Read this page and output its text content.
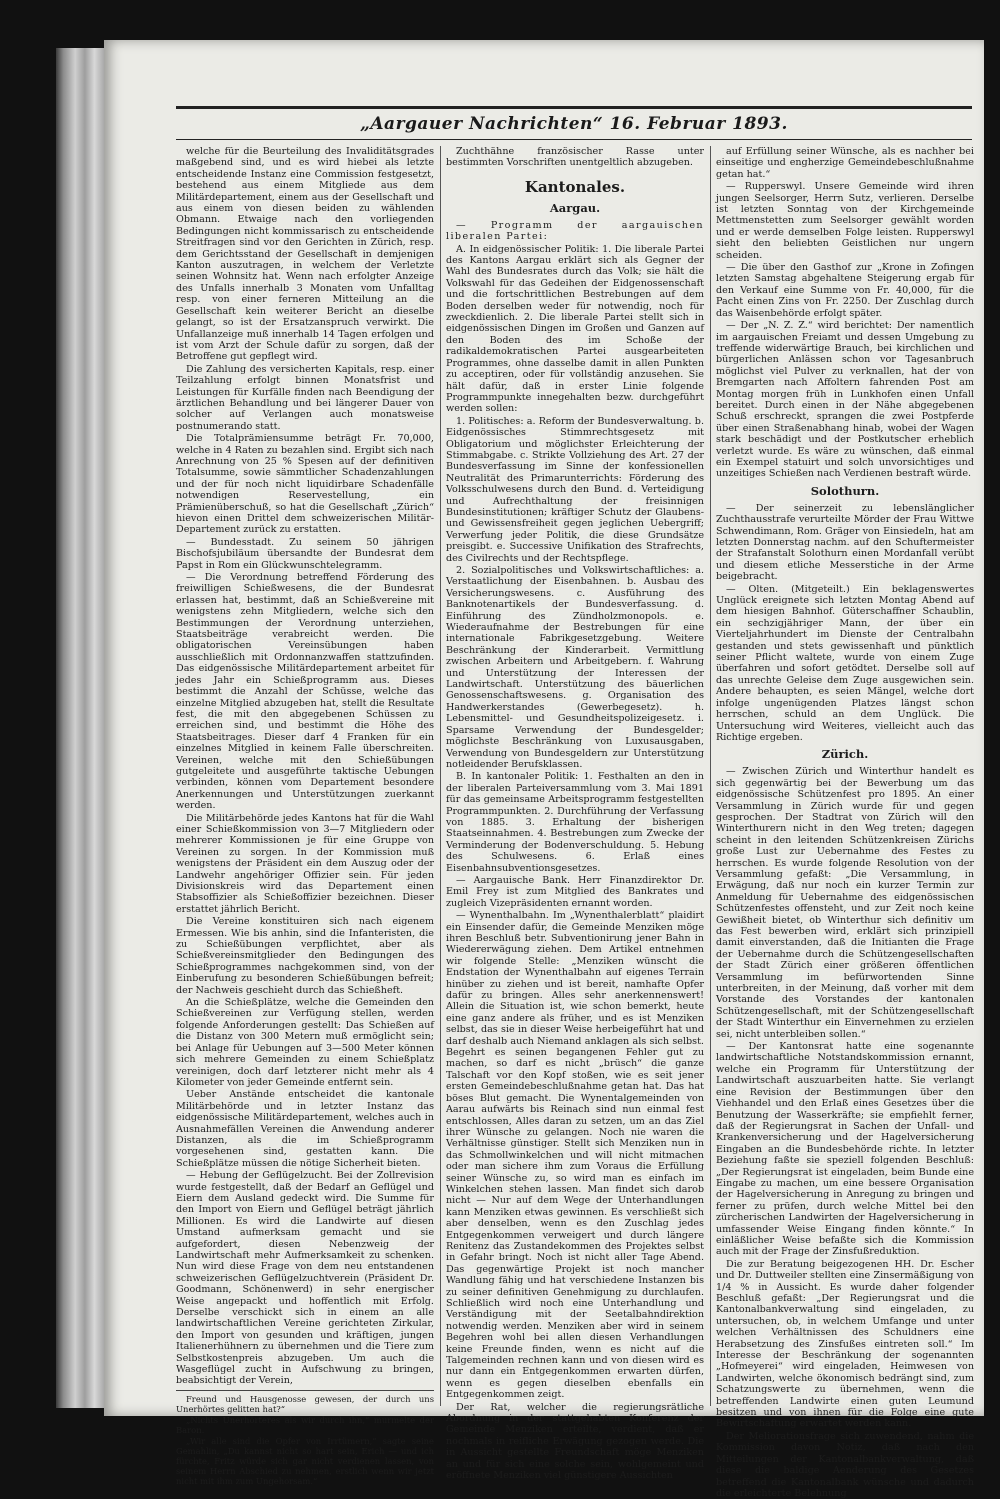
„Aargauer Nachrichten“ 16. Februar 1893.

welche für die Beurteilung des Invaliditätsgrades maßgebend sind, und es wird hiebei als letzte entscheidende Instanz eine Commission festgesetzt, bestehend aus einem Mitgliede aus dem Militärdepartement, einem aus der Gesellschaft und aus einem von diesen beiden zu wählenden Obmann. Etwaige nach den vorliegenden Bedingungen nicht kommissarisch zu entscheidende Streitfragen sind vor den Gerichten in Zürich, resp. dem Gerichtsstand der Gesellschaft in demjenigen Kanton auszutragen, in welchem der Verletzte seinen Wohnsitz hat. Wenn nach erfolgter Anzeige des Unfalls innerhalb 3 Monaten vom Unfalltag resp. von einer ferneren Mitteilung an die Gesellschaft kein weiterer Bericht an dieselbe gelangt, so ist der Ersatzanspruch verwirkt. Die Unfallanzeige muß innerhalb 14 Tagen erfolgen und ist vom Arzt der Schule dafür zu sorgen, daß der Betroffene gut gepflegt wird.

Die Zahlung des versicherten Kapitals, resp. einer Teilzahlung erfolgt binnen Monatsfrist und Leistungen für Kurfälle finden nach Beendigung der ärztlichen Behandlung und bei längerer Dauer von solcher auf Verlangen auch monatsweise postnumerando statt.

Die Totalprämiensumme beträgt Fr. 70,000, welche in 4 Raten zu bezahlen sind. Ergibt sich nach Anrechnung von 25 % Spesen auf der definitiven Totalsumme, sowie sämmtlicher Schadenzahlungen und der für noch nicht liquidirbare Schadenfälle notwendigen Reservestellung, ein Prämienüberschuß, so hat die Gesellschaft „Zürich“ hievon einen Drittel dem schweizerischen Militär-Departement zurück zu erstatten.

— Bundesstadt. Zu seinem 50 jährigen Bischofsjubiläum übersandte der Bundesrat dem Papst in Rom ein Glückwunschtelegramm.

— Die Verordnung betreffend Förderung des freiwilligen Schießwesens, die der Bundesrat erlassen hat, bestimmt, daß an Schießvereine mit wenigstens zehn Mitgliedern, welche sich den Bestimmungen der Verordnung unterziehen, Staatsbeiträge verabreicht werden. Die obligatorischen Vereinsübungen haben ausschließlich mit Ordonnanzwaffen stattzufinden. Das eidgenössische Militärdepartement arbeitet für jedes Jahr ein Schießprogramm aus. Dieses bestimmt die Anzahl der Schüsse, welche das einzelne Mitglied abzugeben hat, stellt die Resultate fest, die mit den abgegebenen Schüssen zu erreichen sind, und bestimmt die Höhe des Staatsbeitrages. Dieser darf 4 Franken für ein einzelnes Mitglied in keinem Falle überschreiten. Vereinen, welche mit den Schießübungen gutgeleitete und ausgeführte taktische Uebungen verbinden, können vom Departement besondere Anerkennungen und Unterstützungen zuerkannt werden.

Die Militärbehörde jedes Kantons hat für die Wahl einer Schießkommission von 3—7 Mitgliedern oder mehrerer Kommissionen je für eine Gruppe von Vereinen zu sorgen. In der Kommission muß wenigstens der Präsident ein dem Auszug oder der Landwehr angehöriger Offizier sein. Für jeden Divisionskreis wird das Departement einen Stabsoffizier als Schießoffizier bezeichnen. Dieser erstattet jährlich Bericht.

Die Vereine konstituiren sich nach eigenem Ermessen. Wie bis anhin, sind die Infanteristen, die zu Schießübungen verpflichtet, aber als Schießvereinsmitglieder den Bedingungen des Schießprogrammes nachgekommen sind, von der Einberufung zu besonderen Schießübungen befreit; der Nachweis geschieht durch das Schießheft.

An die Schießplätze, welche die Gemeinden den Schießvereinen zur Verfügung stellen, werden folgende Anforderungen gestellt: Das Schießen auf die Distanz von 300 Metern muß ermöglicht sein; bei Anlage für Uebungen auf 3—500 Meter können sich mehrere Gemeinden zu einem Schießplatz vereinigen, doch darf letzterer nicht mehr als 4 Kilometer von jeder Gemeinde entfernt sein.

Ueber Anstände entscheidet die kantonale Militärbehörde und in letzter Instanz das eidgenössische Militärdepartement, welches auch in Ausnahmefällen Vereinen die Anwendung anderer Distanzen, als die im Schießprogramm vorgesehenen sind, gestatten kann. Die Schießplätze müssen die nötige Sicherheit bieten.

— Hebung der Geflügelzucht. Bei der Zollrevision wurde festgestellt, daß der Bedarf an Geflügel und Eiern dem Ausland gedeckt wird. Die Summe für den Import von Eiern und Geflügel beträgt jährlich Millionen. Es wird die Landwirte auf diesen Umstand aufmerksam gemacht und sie aufgefordert, diesen Nebenzweig der Landwirtschaft mehr Aufmerksamkeit zu schenken. Nun wird diese Frage von dem neu entstandenen schweizerischen Geflügelzuchtverein (Präsident Dr. Goodmann, Schönenwerd) in sehr energischer Weise angepackt und hoffentlich mit Erfolg. Derselbe verschickt sich in einem an alle landwirtschaftlichen Vereine gerichteten Zirkular, den Import von gesunden und kräftigen, jungen Italienerhühnern zu übernehmen und die Tiere zum Selbstkostenpreis abzugeben. Um auch die Wasgeflügel zucht in Aufschwung zu bringen, beabsichtigt der Verein,

Freund und Hausgenosse gewesen, der durch uns Unerhörtes gelitten hat?“

„Nichts Unerhörteres als wir durch ihn,“ murmelte der Baron.

„Wir alle sind die Opfer von Irrtümern,“ sagte seine Gemahlin, „Du kannst nicht so hart sein, Erich — und ich fürchte, Fritz würde sich gar nicht verdienen lassen, von seinem Herrn Abschied zu nehmen, erstlich wenn wir jetzt nicht mit ihm zum Ungehorsam.“

Zuchthähne französischer Rasse unter bestimmten Vorschriften unentgeltlich abzugeben.

Kantonales.
Aargau.

— Programm der aargauischen liberalen Partei:

A. In eidgenössischer Politik: 1. Die liberale Partei des Kantons Aargau erklärt sich als Gegner der Wahl des Bundesrates durch das Volk; sie hält die Volkswahl für das Gedeihen der Eidgenossenschaft und die fortschrittlichen Bestrebungen auf dem Boden derselben weder für notwendig, noch für zweckdienlich. 2. Die liberale Partei stellt sich in eidgenössischen Dingen im Großen und Ganzen auf den Boden des im Schoße der radikaldemokratischen Partei ausgearbeiteten Programmes, ohne dasselbe damit in allen Punkten zu acceptiren, oder für vollständig anzusehen. Sie hält dafür, daß in erster Linie folgende Programmpunkte innegehalten bezw. durchgeführt werden sollen:

1. Politisches: a. Reform der Bundesverwaltung. b. Eidgenössisches Stimmrechtsgesetz mit Obligatorium und möglichster Erleichterung der Stimmabgabe. c. Strikte Vollziehung des Art. 27 der Bundesverfassung im Sinne der konfessionellen Neutralität des Primarunterrichts: Förderung des Volksschulwesens durch den Bund. d. Verteidigung und Aufrechthaltung der freisinnigen Bundesinstitutionen; kräftiger Schutz der Glaubens- und Gewissensfreiheit gegen jeglichen Uebergriff; Verwerfung jeder Politik, die diese Grundsätze preisgibt. e. Successive Unifikation des Strafrechts, des Civilrechts und der Rechtspflege.

2. Sozialpolitisches und Volkswirtschaftliches: a. Verstaatlichung der Eisenbahnen. b. Ausbau des Versicherungswesens. c. Ausführung des Banknotenartikels der Bundesverfassung. d. Einführung des Zündholzmonopols. e. Wiederaufnahme der Bestrebungen für eine internationale Fabrikgesetzgebung. Weitere Beschränkung der Kinderarbeit. Vermittlung zwischen Arbeitern und Arbeitgebern. f. Wahrung und Unterstützung der Interessen der Landwirtschaft. Unterstützung des bäuerlichen Genossenschaftswesens. g. Organisation des Handwerkerstandes (Gewerbegesetz). h. Lebensmittel- und Gesundheitspolizeigesetz. i. Sparsame Verwendung der Bundesgelder; möglichste Beschränkung von Luxusausgaben, Verwendung von Bundesgeldern zur Unterstützung notleidender Berufsklassen.

B. In kantonaler Politik: 1. Festhalten an den in der liberalen Parteiversammlung vom 3. Mai 1891 für das gemeinsame Arbeitsprogramm festgestellten Programmpunkten. 2. Durchführung der Verfassung von 1885. 3. Erhaltung der bisherigen Staatseinnahmen. 4. Bestrebungen zum Zwecke der Verminderung der Bodenverschuldung. 5. Hebung des Schulwesens. 6. Erlaß eines Eisenbahnsubventionsgesetzes.

— Aargauische Bank. Herr Finanzdirektor Dr. Emil Frey ist zum Mitglied des Bankrates und zugleich Vizepräsidenten ernannt worden.

— Wynenthalbahn. Im „Wynenthalerblatt“ plaidirt ein Einsender dafür, die Gemeinde Menziken möge ihren Beschluß betr. Subventionirung jener Bahn in Wiedererwägung ziehen. Dem Artikel entnehmen wir folgende Stelle: „Menziken wünscht die Endstation der Wynenthalbahn auf eigenes Terrain hinüber zu ziehen und ist bereit, namhafte Opfer dafür zu bringen. Alles sehr anerkennenswert! Allein die Situation ist, wie schon bemerkt, heute eine ganz andere als früher, und es ist Menziken selbst, das sie in dieser Weise herbeigeführt hat und darf deshalb auch Niemand anklagen als sich selbst. Begehrt es seinen begangenen Fehler gut zu machen, so darf es nicht „brüsch“ die ganze Talschaft vor den Kopf stoßen, wie es seit jener ersten Gemeindebeschlußnahme getan hat. Das hat böses Blut gemacht. Die Wynentalgemeinden von Aarau aufwärts bis Reinach sind nun einmal fest entschlossen, Alles daran zu setzen, um an das Ziel ihrer Wünsche zu gelangen. Noch nie waren die Verhältnisse günstiger. Stellt sich Menziken nun in das Schmollwinkelchen und will nicht mitmachen oder man sichere ihm zum Voraus die Erfüllung seiner Wünsche zu, so wird man es einfach im Winkelchen stehen lassen. Man findet sich darob nicht — Nur auf dem Wege der Unterhandlungen kann Menziken etwas gewinnen. Es verschließt sich aber denselben, wenn es den Zuschlag jedes Entgegenkommen verweigert und durch längere Renitenz das Zustandekommen des Projektes selbst in Gefahr bringt. Noch ist nicht aller Tage Abend. Das gegenwärtige Projekt ist noch mancher Wandlung fähig und hat verschiedene Instanzen bis zu seiner definitiven Genehmigung zu durchlaufen. Schließlich wird noch eine Unterhandlung und Verständigung mit der Seetalbahndirektion notwendig werden. Menziken aber wird in seinem Begehren wohl bei allen diesen Verhandlungen keine Freunde finden, wenn es nicht auf die Talgemeinden rechnen kann und von diesen wird es nur dann ein Entgegenkommen erwarten dürfen, wenn es gegen dieselben ebenfalls ein Entgegenkommen zeigt.

Der Rat, welcher die regierungsrätliche Abordnung in der stattgehabten Konferenz der Gemeinde Menziken erteilte, verdient, daß er nochmals in reifliche Erwägung gezogen werde. Die in Aussicht gestellte Freundschaft möge Menziken an und für sich eine solche sein, wohlgemeint und eröffnete Menziken viel günstigere Aussichten

auf Erfüllung seiner Wünsche, als es nachher bei einseitige und engherzige Gemeindebeschlußnahme getan hat.“

— Rupperswyl. Unsere Gemeinde wird ihren jungen Seelsorger, Herrn Sutz, verlieren. Derselbe ist letzten Sonntag von der Kirchgemeinde Mettmenstetten zum Seelsorger gewählt worden und er werde demselben Folge leisten. Rupperswyl sieht den beliebten Geistlichen nur ungern scheiden.

— Die über den Gasthof zur „Krone in Zofingen letzten Samstag abgehaltene Steigerung ergab für den Verkauf eine Summe von Fr. 40,000, für die Pacht einen Zins von Fr. 2250. Der Zuschlag durch das Waisenbehörde erfolgt später.

— Der „N. Z. Z.“ wird berichtet: Der namentlich im aargauischen Freiamt und dessen Umgebung zu treffende widerwärtige Brauch, bei kirchlichen und bürgerlichen Anlässen schon vor Tagesanbruch möglichst viel Pulver zu verknallen, hat der von Bremgarten nach Affoltern fahrenden Post am Montag morgen früh in Lunkhofen einen Unfall bereitet. Durch einen in der Nähe abgegebenen Schuß erschreckt, sprangen die zwei Postpferde über einen Straßenabhang hinab, wobei der Wagen stark beschädigt und der Postkutscher erheblich verletzt wurde. Es wäre zu wünschen, daß einmal ein Exempel statuirt und solch unvorsichtiges und unzeitiges Schießen nach Verdienen bestraft würde.

Solothurn.

— Der seinerzeit zu lebenslänglicher Zuchthausstrafe verurteilte Mörder der Frau Wittwe Schwendimann, Rom. Gräger von Einsiedeln, hat am letzten Donnerstag nachm. auf den Schuftermeister der Strafanstalt Solothurn einen Mordanfall verübt und diesem etliche Messerstiche in der Arme beigebracht.

— Olten. (Mitgeteilt.) Ein beklagenswertes Unglück ereignete sich letzten Montag Abend auf dem hiesigen Bahnhof. Güterschaffner Schaublin, ein sechzigjähriger Mann, der über ein Vierteljahrhundert im Dienste der Centralbahn gestanden und stets gewissenhaft und pünktlich seiner Pflicht waltete, wurde von einem Zuge überfahren und sofort getödtet. Derselbe soll auf das unrechte Geleise dem Zuge ausgewichen sein. Andere behaupten, es seien Mängel, welche dort infolge ungenügenden Platzes längst schon herrschen, schuld an dem Unglück. Die Untersuchung wird Weiteres, vielleicht auch das Richtige ergeben.

Zürich.

— Zwischen Zürich und Winterthur handelt es sich gegenwärtig bei der Bewerbung um das eidgenössische Schützenfest pro 1895. An einer Versammlung in Zürich wurde für und gegen gesprochen. Der Stadtrat von Zürich will den Winterthurern nicht in den Weg treten; dagegen scheint in den leitenden Schützenkreisen Zürichs große Lust zur Uebernahme des Festes zu herrschen. Es wurde folgende Resolution von der Versammlung gefaßt: „Die Versammlung, in Erwägung, daß nur noch ein kurzer Termin zur Anmeldung für Uebernahme des eidgenössischen Schützenfestes offensteht, und zur Zeit noch keine Gewißheit bietet, ob Winterthur sich definitiv um das Fest bewerben wird, erklärt sich prinzipiell damit einverstanden, daß die Initianten die Frage der Uebernahme durch die Schützengesellschaften der Stadt Zürich einer größeren öffentlichen Versammlung im befürwortenden Sinne unterbreiten, in der Meinung, daß vorher mit dem Vorstande des Vorstandes der kantonalen Schützengesellschaft, mit der Schützengesellschaft der Stadt Winterthur ein Einvernehmen zu erzielen sei, nicht unterbleiben sollen.“

— Der Kantonsrat hatte eine sogenannte landwirtschaftliche Notstandskommission ernannt, welche ein Programm für Unterstützung der Landwirtschaft auszuarbeiten hatte. Sie verlangt eine Revision der Bestimmungen über den Viehhandel und den Erlaß eines Gesetzes über die Benutzung der Wasserkräfte; sie empfiehlt ferner, daß der Regierungsrat in Sachen der Unfall- und Krankenversicherung und der Hagelversicherung Eingaben an die Bundesbehörde richte. In letzter Beziehung faßte sie speziell folgenden Beschluß: „Der Regierungsrat ist eingeladen, beim Bunde eine Eingabe zu machen, um eine bessere Organisation der Hagelversicherung in Anregung zu bringen und ferner zu prüfen, durch welche Mittel bei den zürcherischen Landwirten der Hagelversicherung in umfassender Weise Eingang finden könnte.“ In einläßlicher Weise befaßte sich die Kommission auch mit der Frage der Zinsfußreduktion.

Die zur Beratung beigezogenen HH. Dr. Escher und Dr. Duttweiler stellten eine Zinsermäßigung von 1/4 % in Aussicht. Es wurde daher folgender Beschluß gefaßt: „Der Regierungsrat und die Kantonalbankverwaltung sind eingeladen, zu untersuchen, ob, in welchem Umfange und unter welchen Verhältnissen des Schuldners eine Herabsetzung des Zinsfußes eintreten soll.“ Im Interesse der Beschränkung der sogenannten „Hofmeyerei“ wird eingeladen, Heimwesen von Landwirten, welche ökonomisch bedrängt sind, zum Schatzungswerte zu übernehmen, wenn die betreffenden Landwirte einen guten Leumund besitzen und von ihnen für die Folge eine gute Bewirtschaftung erwartet werden kann.

Der Meliorationsfrage sich zuwendend, nahm die Kommission davon Notiz, daß nach den Mitteilungen der Kantonalbankverwaltung, daß diese die baldige Aenderung des Gesetzes betreffend die Kantonalbank wünsche und dadurch die erleichterte Belehnung
